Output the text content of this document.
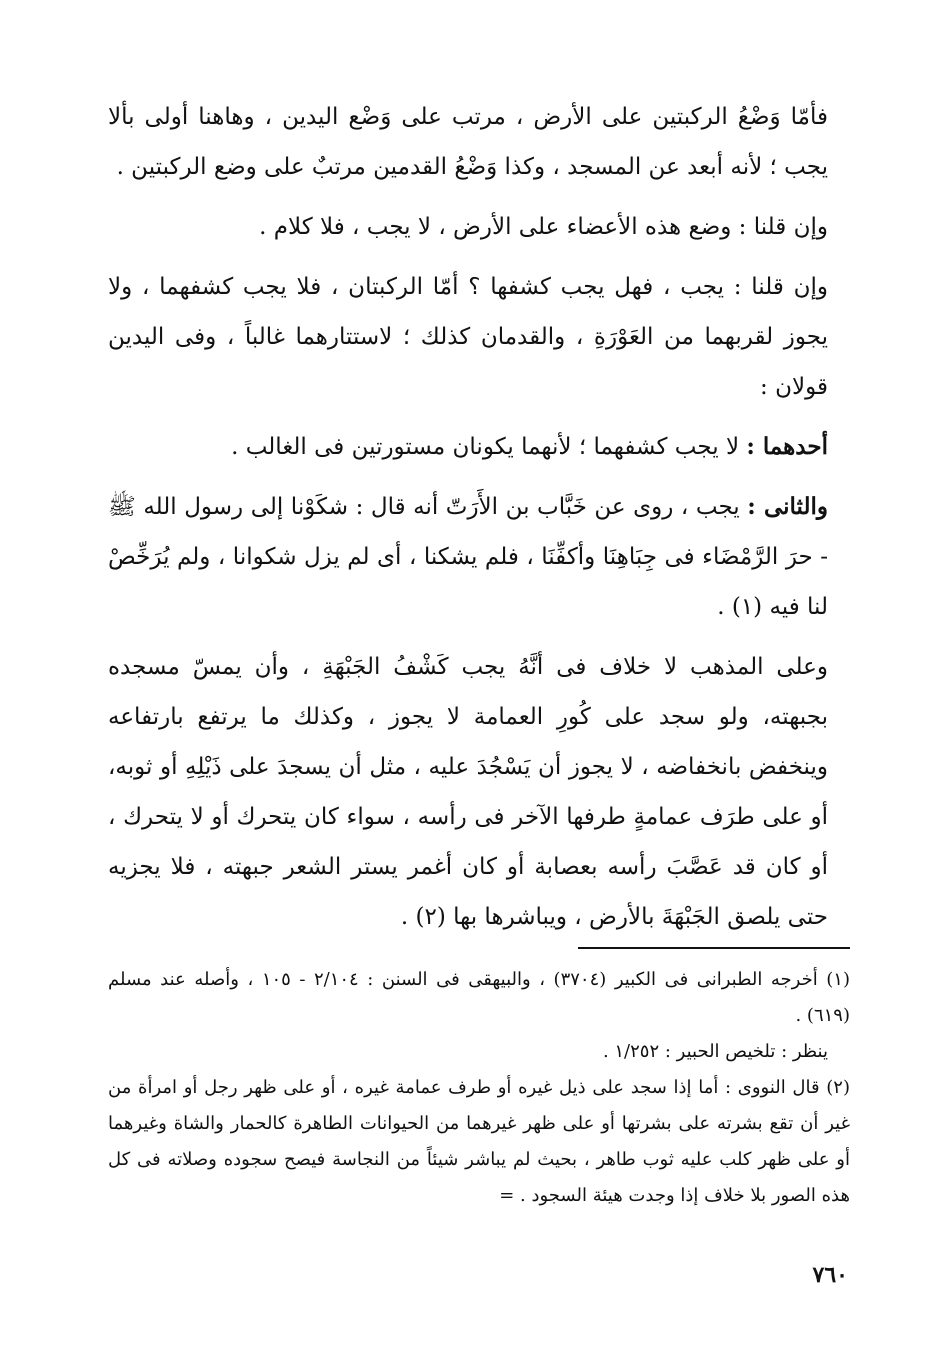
فأمّا وَضْعُ الركبتين على الأرض ، مرتب على وَضْع اليدين ، وهاهنا أولى بألا يجب ؛ لأنه أبعد عن المسجد ، وكذا وَضْعُ القدمين مرتبٌ على وضع الركبتين .

وإن قلنا : وضع هذه الأعضاء على الأرض ، لا يجب ، فلا كلام .

وإن قلنا : يجب ، فهل يجب كشفها ؟ أمّا الركبتان ، فلا يجب كشفهما ، ولا يجوز لقربهما من العَوْرَةِ ، والقدمان كذلك ؛ لاستتارهما غالباً ، وفى اليدين قولان :

أحدهما : لا يجب كشفهما ؛ لأنهما يكونان مستورتين فى الغالب .

والثانى : يجب ، روى عن خَبَّاب بن الأَرَتّ أنه قال : شكَوْنا إلى رسول الله ﷺ - حرَ الرَّمْضَاء فى جِبَاهِنَا وأكفِّنَا ، فلم يشكنا ، أى لم يزل شكوانا ، ولم يُرَخِّصْ لنا فيه (١) .

وعلى المذهب لا خلاف فى أنَّهُ يجب كَشْفُ الجَبْهَةِ ، وأن يمسّ مسجده بجبهته، ولو سجد على كُورِ العمامة لا يجوز ، وكذلك ما يرتفع بارتفاعه وينخفض بانخفاضه ، لا يجوز أن يَسْجُدَ عليه ، مثل أن يسجدَ على ذَيْلِهِ أو ثوبه، أو على طرَف عمامةٍ طرفها الآخر فى رأسه ، سواء كان يتحرك أو لا يتحرك ، أو كان قد عَصَّبَ رأسه بعصابة أو كان أغمر يستر الشعر جبهته ، فلا يجزيه حتى يلصق الجَبْهَةَ بالأرض ، ويباشرها بها (٢) .

(١) أخرجه الطبرانى فى الكبير (٣٧٠٤) ، والبيهقى فى السنن : ٢/١٠٤ - ١٠٥ ، وأصله عند مسلم (٦١٩) .

ينظر : تلخيص الحبير : ١/٢٥٢ .

(٢) قال النووى : أما إذا سجد على ذيل غيره أو طرف عمامة غيره ، أو على ظهر رجل أو امرأة من غير أن تقع بشرته على بشرتها أو على ظهر غيرهما من الحيوانات الطاهرة كالحمار والشاة وغيرهما أو على ظهر كلب عليه ثوب طاهر ، بحيث لم يباشر شيئاً من النجاسة فيصح سجوده وصلاته فى كل هذه الصور بلا خلاف إذا وجدت هيئة السجود . =

٧٦٠
